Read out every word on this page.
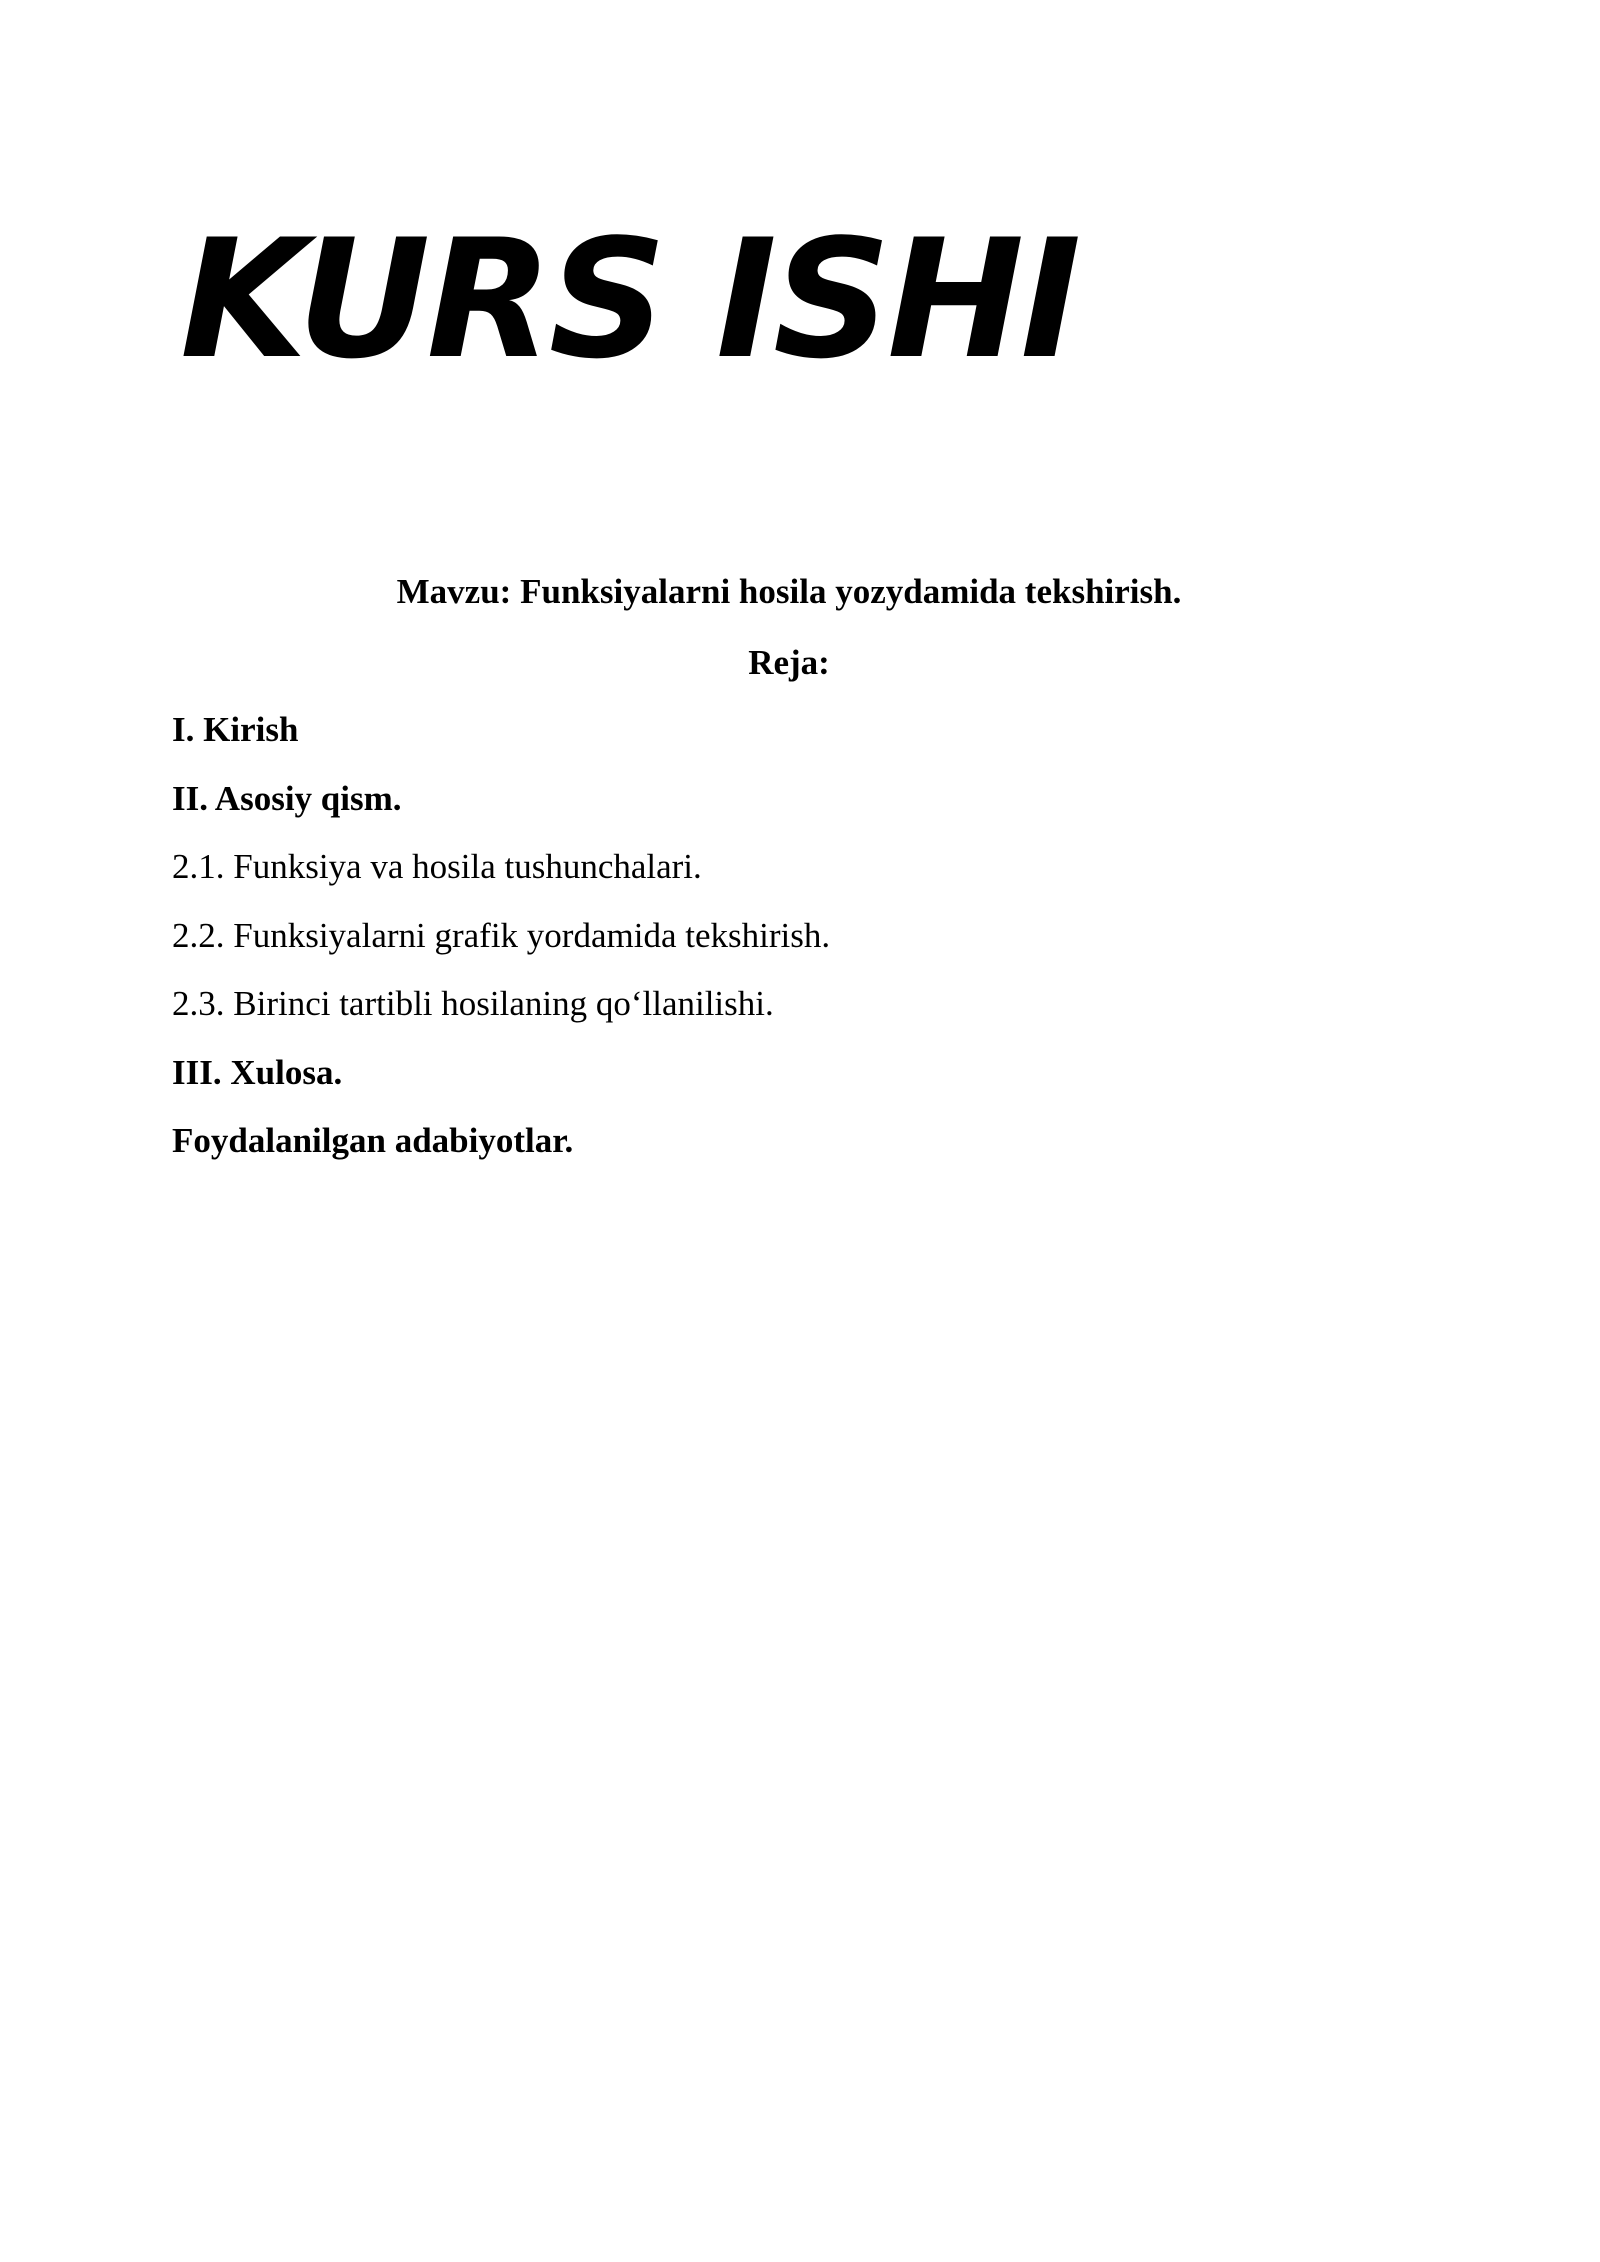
KURS ISHI
Mavzu: Funksiyalarni hosila yozydamida tekshirish.
Reja:
I. Kirish
II. Asosiy qism.
2.1. Funksiya va hosila tushunchalari.
2.2. Funksiyalarni grafik yordamida tekshirish.
2.3. Birinci tartibli hosilaning qo‘llanilishi.
III. Xulosa.
Foydalanilgan adabiyotlar.
